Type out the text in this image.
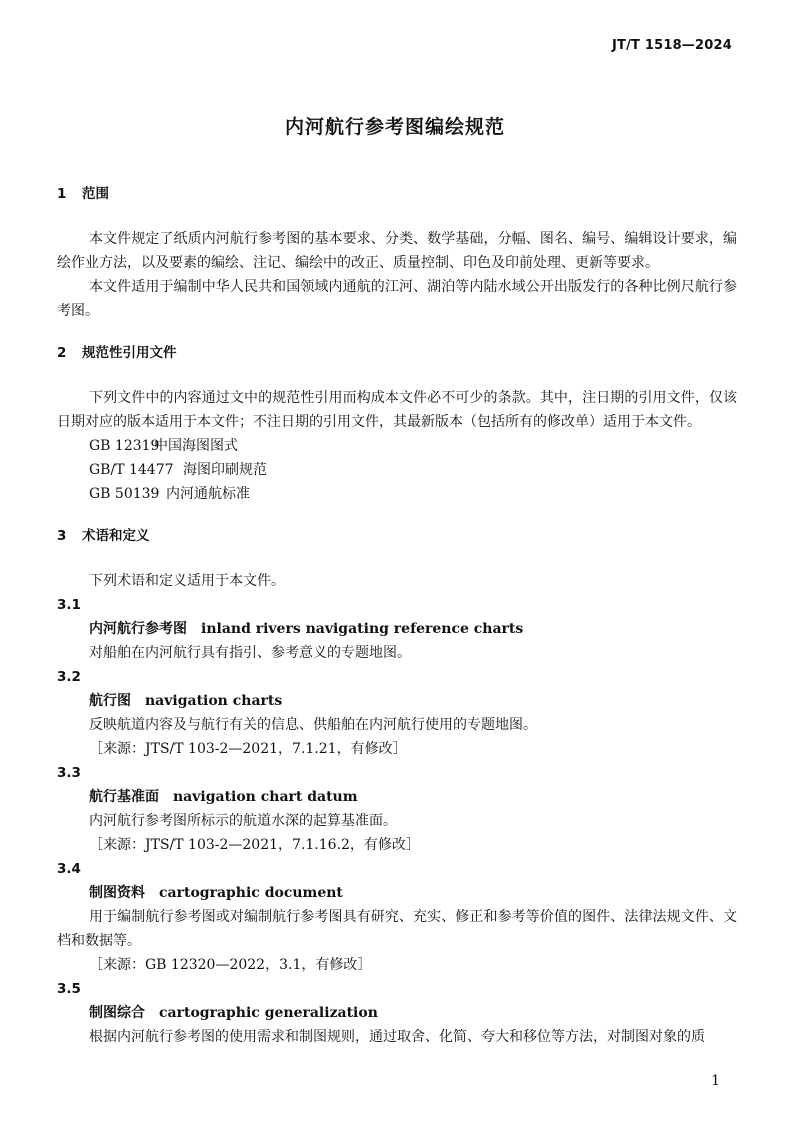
JT/T 1518—2024
内河航行参考图编绘规范
1 范围
本文件规定了纸质内河航行参考图的基本要求、分类、数学基础，分幅、图名、编号、编辑设计要求，编绘作业方法，以及要素的编绘、注记、编绘中的改正、质量控制、印色及印前处理、更新等要求。
本文件适用于编制中华人民共和国领域内通航的江河、湖泊等内陆水域公开出版发行的各种比例尺航行参考图。
2 规范性引用文件
下列文件中的内容通过文中的规范性引用而构成本文件必不可少的条款。其中，注日期的引用文件，仅该日期对应的版本适用于本文件；不注日期的引用文件，其最新版本（包括所有的修改单）适用于本文件。
GB 12319中国海图图式
GB/T 14477 海图印刷规范
GB 50139 内河通航标准
3 术语和定义
下列术语和定义适用于本文件。
3.1
内河航行参考图 inland rivers navigating reference charts
对船舶在内河航行具有指引、参考意义的专题地图。
3.2
航行图 navigation charts
反映航道内容及与航行有关的信息、供船舶在内河航行使用的专题地图。
［来源：JTS/T 103-2—2021，7.1.21，有修改］
3.3
航行基准面 navigation chart datum
内河航行参考图所标示的航道水深的起算基准面。
［来源：JTS/T 103-2—2021，7.1.16.2，有修改］
3.4
制图资料 cartographic document
用于编制航行参考图或对编制航行参考图具有研究、充实、修正和参考等价值的图件、法律法规文件、文档和数据等。
［来源：GB 12320—2022，3.1，有修改］
3.5
制图综合 cartographic generalization
根据内河航行参考图的使用需求和制图规则，通过取舍、化简、夸大和移位等方法，对制图对象的质
1
